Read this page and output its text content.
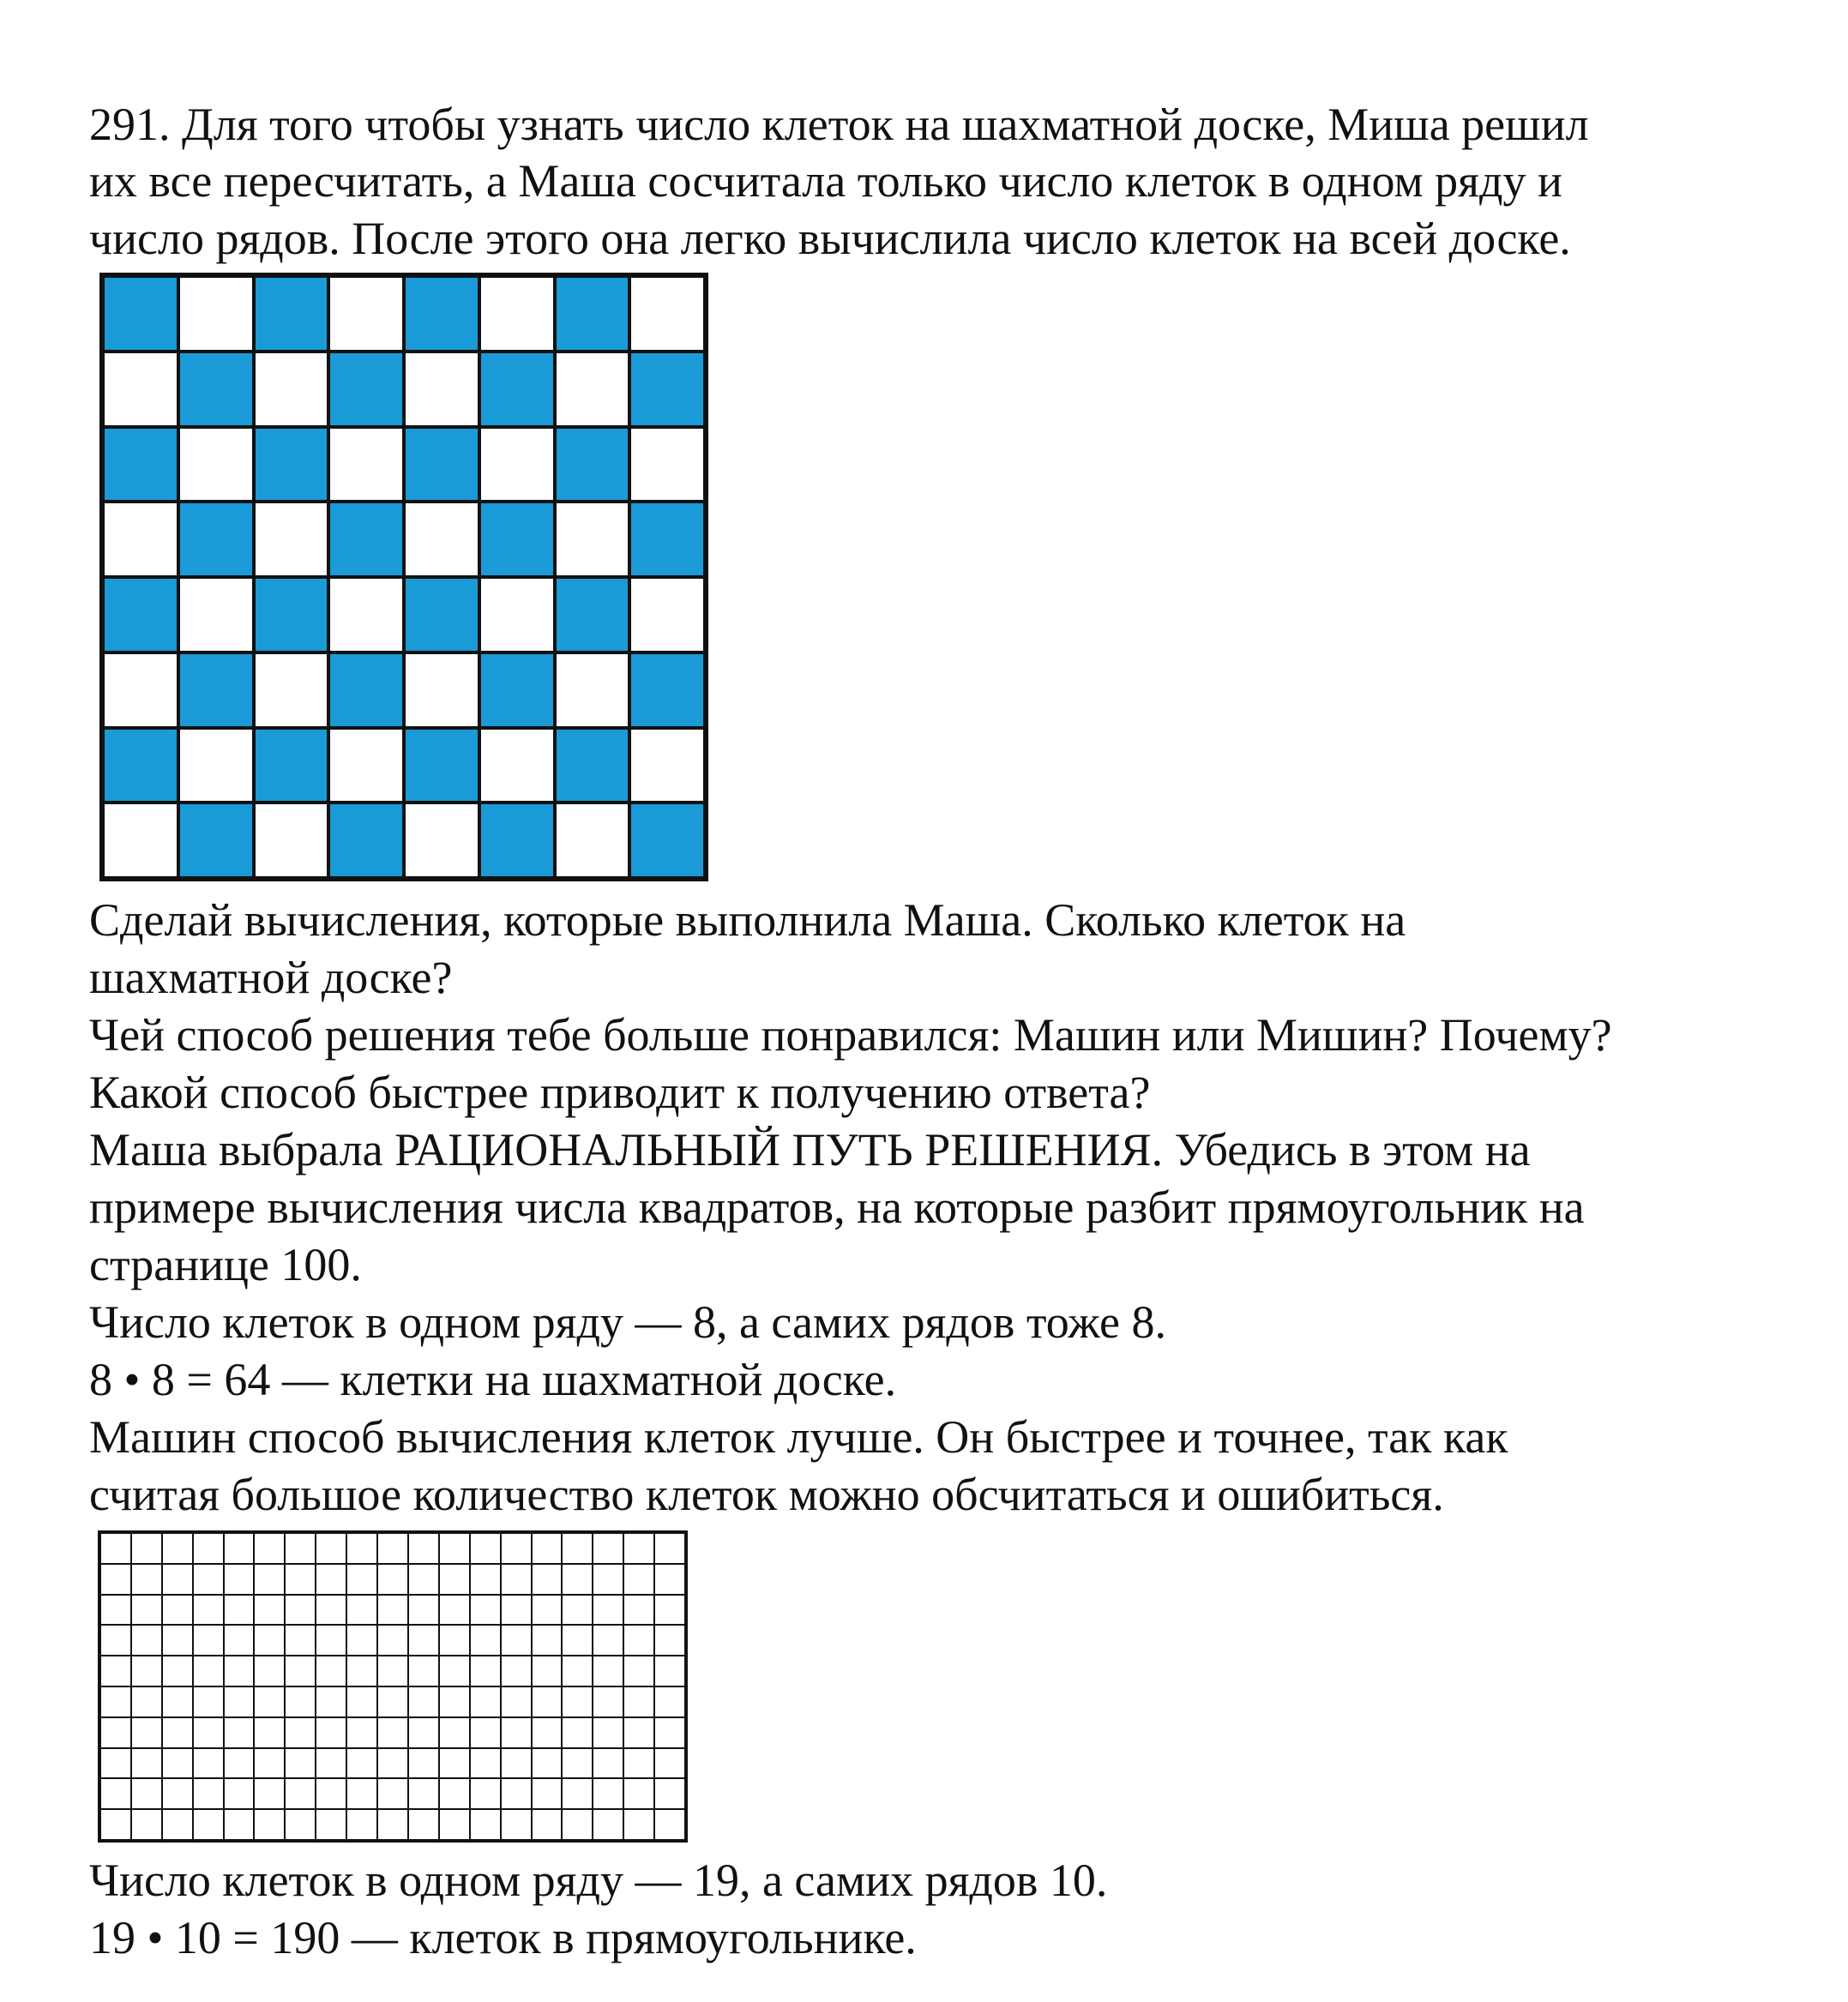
291. Для того чтобы узнать число клеток на шахматной доске, Миша решил

их все пересчитать, а Маша сосчитала только число клеток в одном ряду и

число рядов. После этого она легко вычислила число клеток на всей доске.

Сделай вычисления, которые выполнила Маша. Сколько клеток на

шахматной доске?

Чей способ решения тебе больше понравился: Машин или Мишин? Почему?

Какой способ быстрее приводит к получению ответа?

Маша выбрала РАЦИОНАЛЬНЫЙ ПУТЬ РЕШЕНИЯ. Убедись в этом на

примере вычисления числа квадратов, на которые разбит прямоугольник на

странице 100.

Число клеток в одном ряду — 8, а самих рядов тоже 8.

8 • 8 = 64 — клетки на шахматной доске.

Машин способ вычисления клеток лучше. Он быстрее и точнее, так как

считая большое количество клеток можно обсчитаться и ошибиться.

Число клеток в одном ряду — 19, а самих рядов 10.

19 • 10 = 190 — клеток в прямоугольнике.
